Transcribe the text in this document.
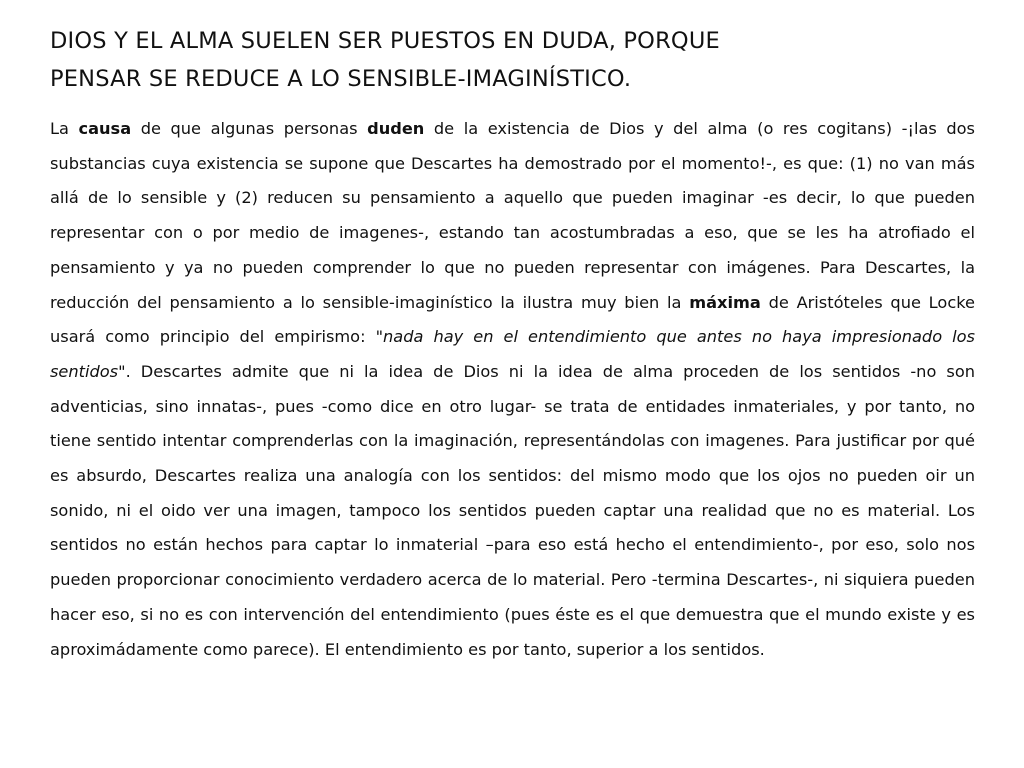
DIOS Y EL ALMA SUELEN SER PUESTOS EN DUDA, PORQUE
PENSAR SE REDUCE A LO SENSIBLE-IMAGINÍSTICO.

La causa de que algunas personas duden de la existencia de Dios y del alma (o res cogitans) -¡las dos substancias cuya existencia se supone que Descartes ha demostrado por el momento!-, es que: (1) no van más allá de lo sensible y (2) reducen su pensamiento a aquello que pueden imaginar -es decir, lo que pueden representar con o por medio de imagenes-, estando tan acostumbradas a eso, que se les ha atrofiado el pensamiento y ya no pueden comprender lo que no pueden representar con imágenes. Para Descartes, la reducción del pensamiento a lo sensible-imaginístico la ilustra muy bien la máxima de Aristóteles que Locke usará como principio del empirismo: "nada hay en el entendimiento que antes no haya impresionado los sentidos". Descartes admite que ni la idea de Dios ni la idea de alma proceden de los sentidos -no son adventicias, sino innatas-, pues -como dice en otro lugar- se trata de entidades inmateriales, y por tanto, no tiene sentido intentar comprenderlas con la imaginación, representándolas con imagenes. Para justificar por qué es absurdo, Descartes realiza una analogía con los sentidos: del mismo modo que los ojos no pueden oir un sonido, ni el oido ver una imagen, tampoco los sentidos pueden captar una realidad que no es material. Los sentidos no están hechos para captar lo inmaterial –para eso está hecho el entendimiento-, por eso, solo nos pueden proporcionar conocimiento verdadero acerca de lo material. Pero -termina Descartes-, ni siquiera pueden hacer eso, si no es con intervención del entendimiento (pues éste es el que demuestra que el mundo existe y es aproximádamente como parece). El entendimiento es por tanto, superior a los sentidos.
